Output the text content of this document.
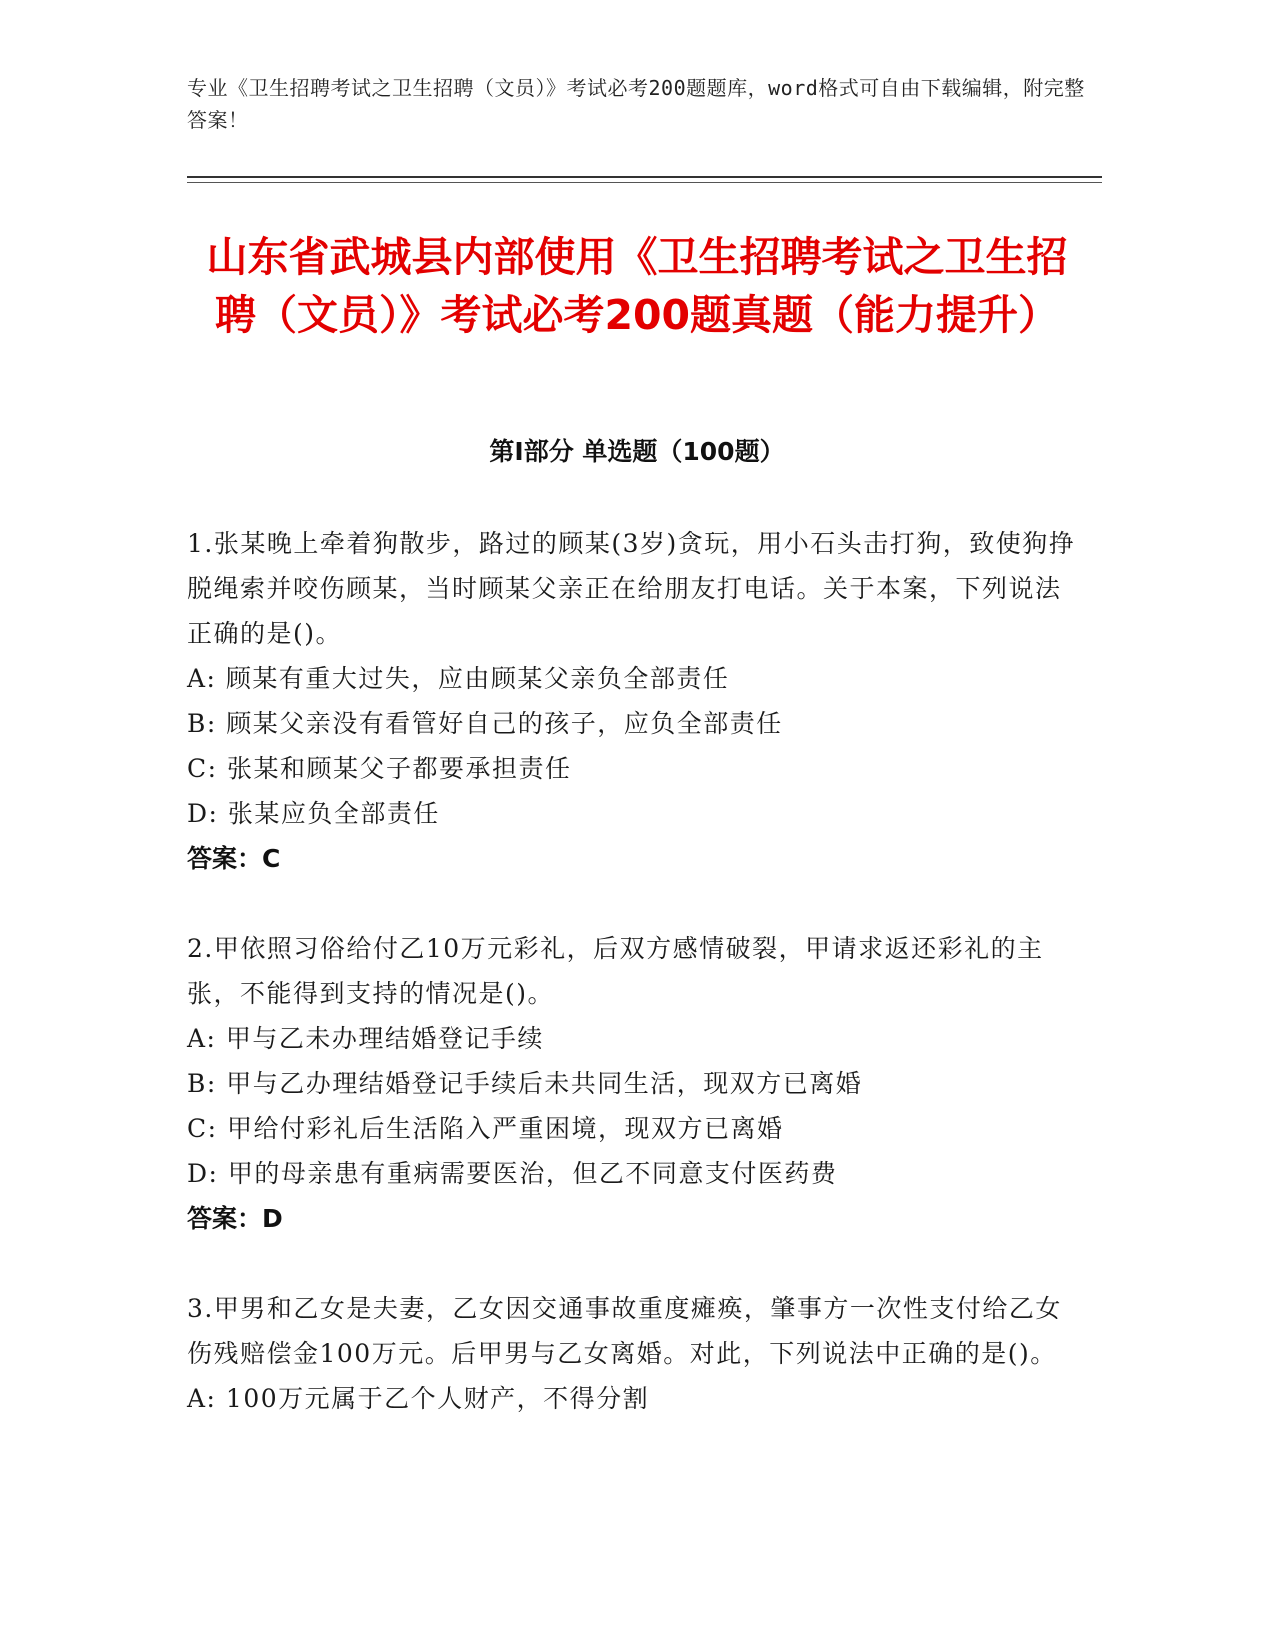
专业《卫生招聘考试之卫生招聘（文员）》考试必考200题题库，word格式可自由下载编辑，附完整答案！
山东省武城县内部使用《卫生招聘考试之卫生招聘（文员）》考试必考200题真题（能力提升）
第I部分 单选题（100题）
1.张某晚上牵着狗散步，路过的顾某(3岁)贪玩，用小石头击打狗，致使狗挣脱绳索并咬伤顾某，当时顾某父亲正在给朋友打电话。关于本案，下列说法正确的是()。
A: 顾某有重大过失，应由顾某父亲负全部责任
B: 顾某父亲没有看管好自己的孩子，应负全部责任
C: 张某和顾某父子都要承担责任
D: 张某应负全部责任
答案：C
2.甲依照习俗给付乙10万元彩礼，后双方感情破裂，甲请求返还彩礼的主张，不能得到支持的情况是()。
A: 甲与乙未办理结婚登记手续
B: 甲与乙办理结婚登记手续后未共同生活，现双方已离婚
C: 甲给付彩礼后生活陷入严重困境，现双方已离婚
D: 甲的母亲患有重病需要医治，但乙不同意支付医药费
答案：D
3.甲男和乙女是夫妻，乙女因交通事故重度瘫痪，肇事方一次性支付给乙女伤残赔偿金100万元。后甲男与乙女离婚。对此，下列说法中正确的是()。
A: 100万元属于乙个人财产，不得分割
